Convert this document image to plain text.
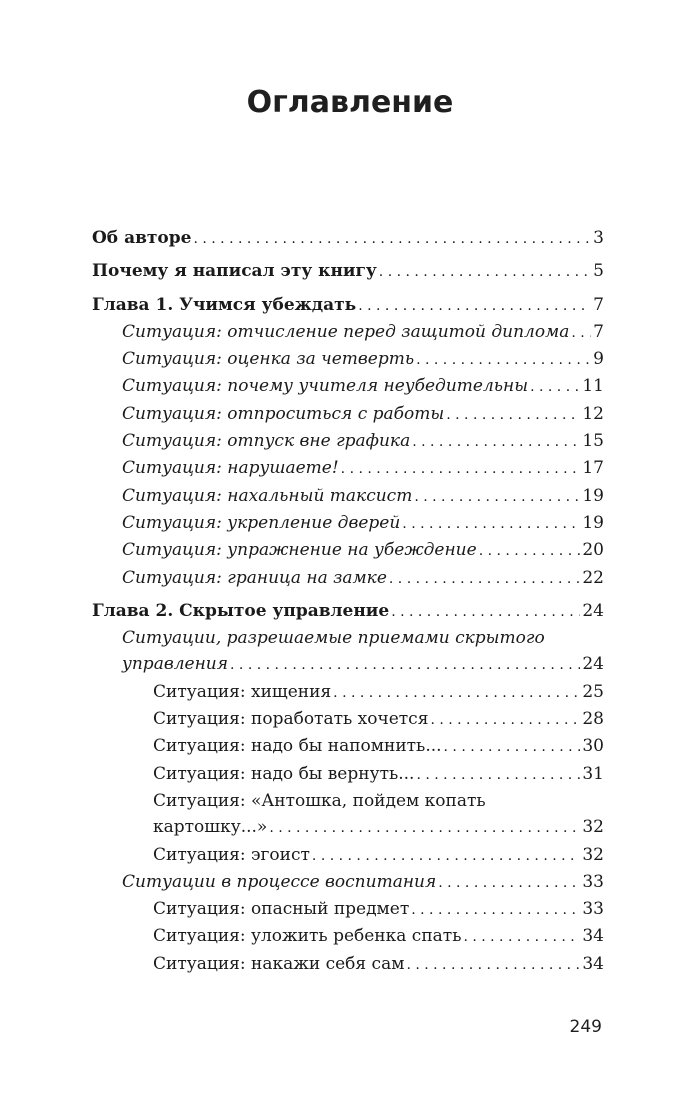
Оглавление
Об авторе . . .	3
Почему я написал эту книгу . . .	5
Глава 1. Учимся убеждать . . .	7
Ситуация: отчисление перед защитой диплома . . . 7
Ситуация: оценка за четверть . . .	9
Ситуация: почему учителя неубедительны . . .	11
Ситуация: отпроситься с работы . . .	12
Ситуация: отпуск вне графика . . .	15
Ситуация: нарушаете! . . .	17
Ситуация: нахальный таксист . . .	19
Ситуация: укрепление дверей . . .	19
Ситуация: упражнение на убеждение . . .	20
Ситуация: граница на замке . . .	22
Глава 2. Скрытое управление . . .	24
Ситуации, разрешаемые приемами скрытого
управления . . .	24
Ситуация: хищения . . .	25
Ситуация: поработать хочется . . .	28
Ситуация: надо бы напомнить... . . .	30
Ситуация: надо бы вернуть... . . .	31
Ситуация: «Антошка, пойдем копать
картошку...» . . .	32
Ситуация: эгоист . . .	32
Ситуации в процессе воспитания . . .	33
Ситуация: опасный предмет . . .	33
Ситуация: уложить ребенка спать . . .	34
Ситуация: накажи себя сам . . .	34
249
